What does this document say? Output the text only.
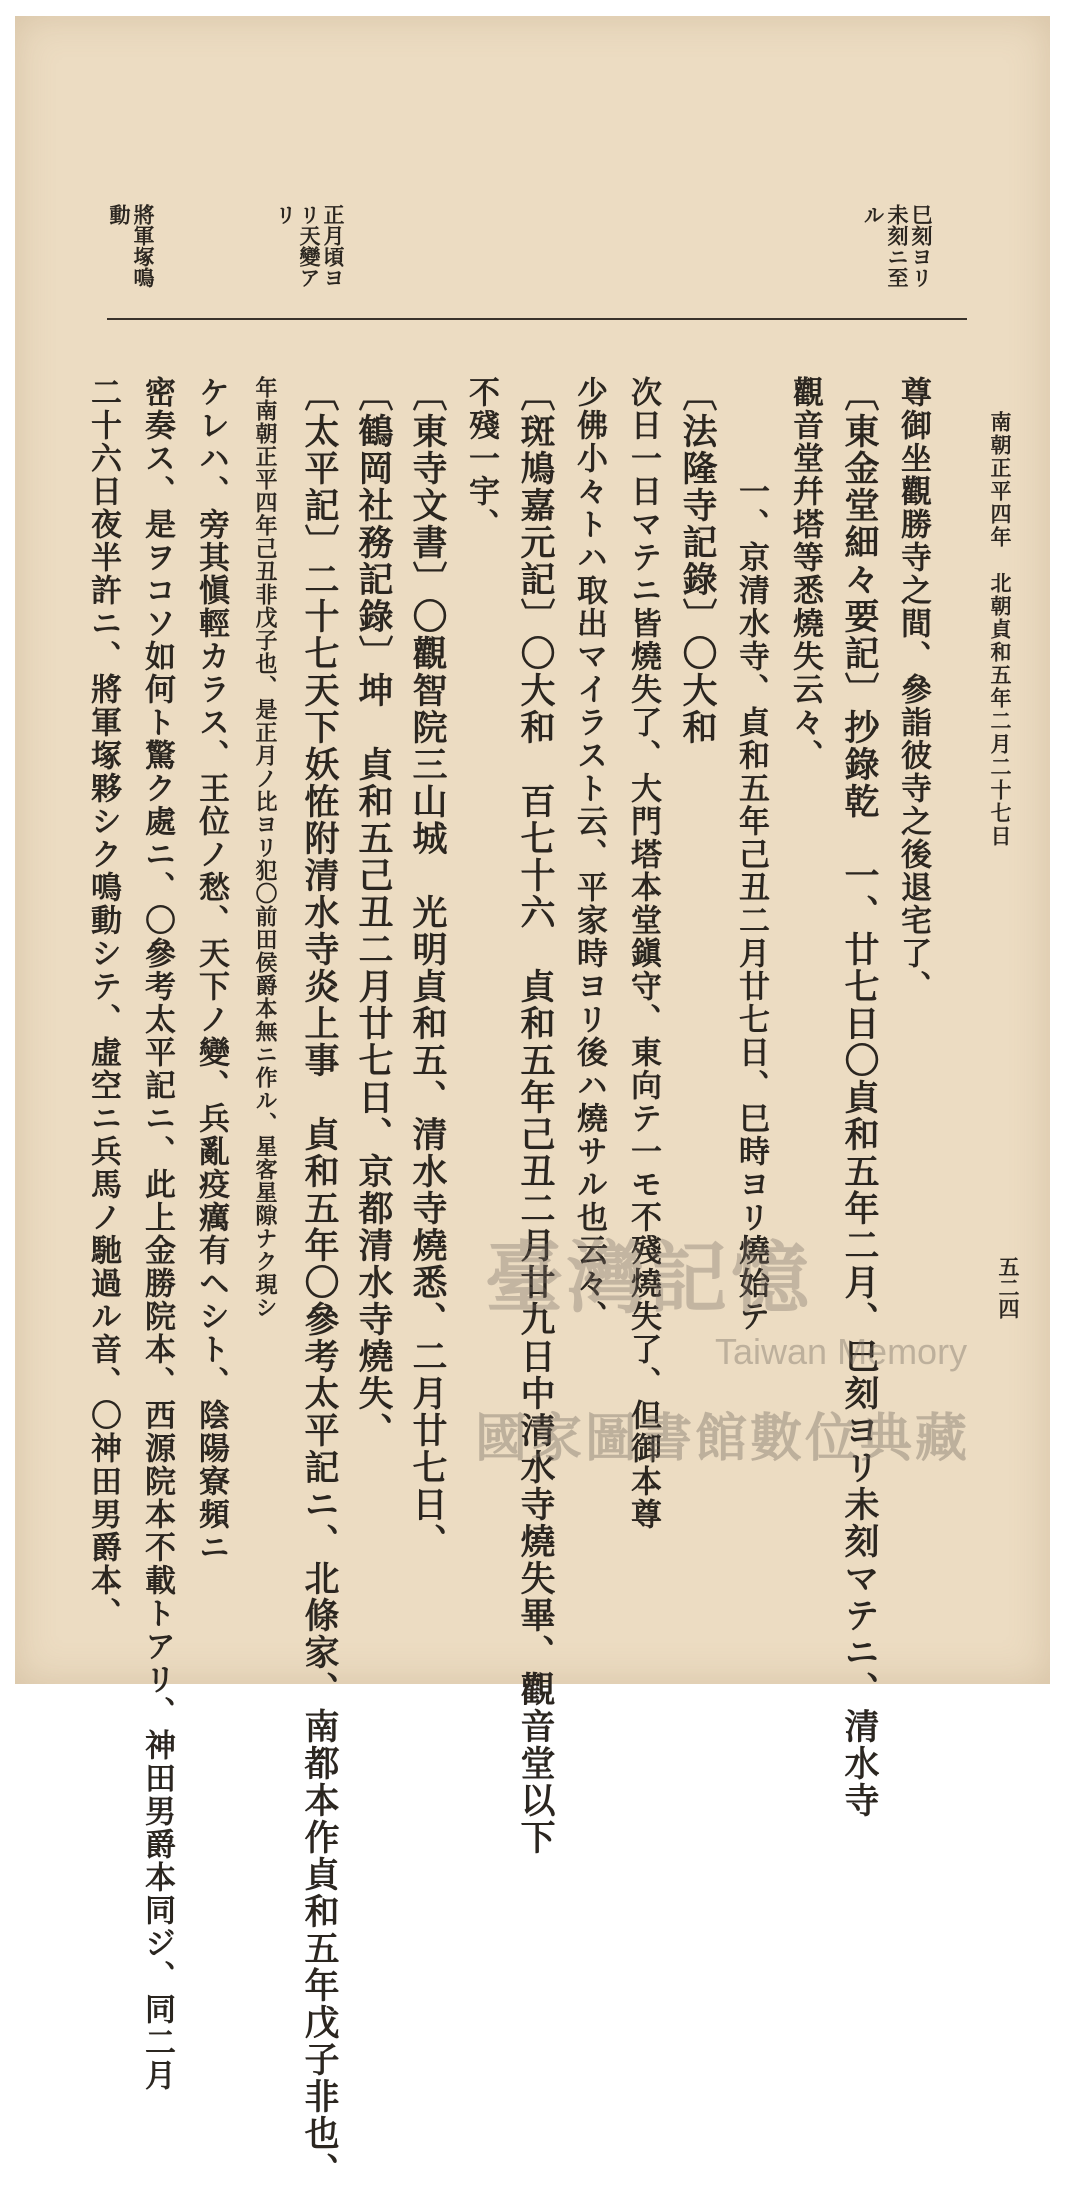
南朝正平四年　北朝貞和五年二月二十七日
五二四
巳刻ヨリ未刻ニ至ル
正月頃ヨリ天變アリ
將軍塚鳴動
尊御坐觀勝寺之間、參詣彼寺之後退宅了、
〔東金堂細々要記〕抄錄乾　一、廿七日〇貞和五年二月、巳刻ヨリ未刻マテニ、清水寺
觀音堂幷塔等悉燒失云々、
　　　一、京清水寺、貞和五年己丑二月廿七日、巳時ヨリ燒始テ
〔法隆寺記錄〕〇大和
次日一日マテニ皆燒失了、大門塔本堂鎭守、東向テ一モ不殘燒失了、但御本尊
少佛小々トハ取出マイラスト云、平家時ヨリ後ハ燒サル也云々、
〔斑鳩嘉元記〕〇大和　百七十六　貞和五年己丑二月廿九日中清水寺燒失畢、觀音堂以下
不殘一宇、
〔東寺文書〕〇觀智院三山城　光明貞和五、清水寺燒悉、二月廿七日、
〔鶴岡社務記錄〕坤　貞和五己丑二月廿七日、京都清水寺燒失、
〔太平記〕二十七天下妖恠附清水寺炎上事　貞和五年〇參考太平記ニ、北條家、南都本作貞和五年戊子非也、
年南朝正平四年己丑非戊子也、是正月ノ比ヨリ犯〇前田侯爵本無ニ作ル、星客星隙ナク現シ
ケレハ、旁其愼輕カラス、王位ノ愁、天下ノ變、兵亂疫癘有ヘシト、陰陽寮頻ニ
密奏ス、是ヲコソ如何ト驚ク處ニ、〇參考太平記ニ、此上金勝院本、西源院本不載トアリ、神田男爵本同ジ、同二月
二十六日夜半許ニ、將軍塚夥シク鳴動シテ、虛空ニ兵馬ノ馳過ル音、〇神田男爵本、	臺灣記憶
Taiwan Memory
國家圖書館數位典藏
